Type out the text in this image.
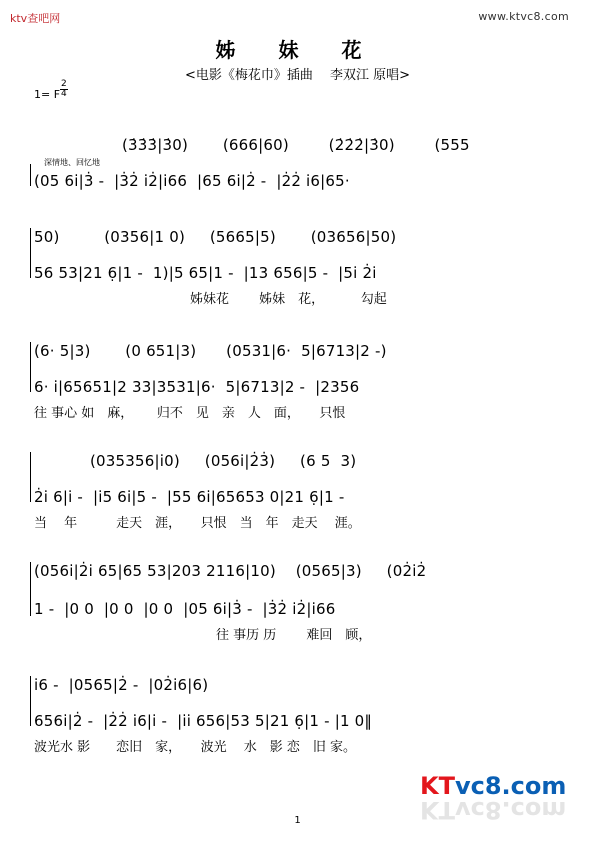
ktv查吧网	www.ktvc8.com
姊 妹 花
<电影《梅花巾》插曲　 李双江 原唱>
1= F
2
4
深情地、回忆地
(3̇3̇3̇|3̇0)       (666|60)        (2̇2̇2̇|3̇0)        (555
(05 6i̇|3̇ -  |3̇2̇ i̇2̇|i̇66  |65 6i̇|2̇ -  |2̇2̇ i̇6|65·
50)         (0356|1 0)     (5665|5)       (03656|50)
56 53|21 6̣|1 -  1)|5 65|1 -  |13 656|5 -  |5i̇ 2̇i̇
　　　　　　　　　　　　姊妹花　　 姊妹　花，　 　　勾起
(6· 5|3)       (0 651|3)      (0531|6·  5|6713|2 -)
6· i̇|65651|2 33|3531|6·  5|6713|2 -  |2356
往 事心 如　麻，　　 归不　见　亲　人　面，　　只恨
(035356|i̇0)     (056i̇|2̇3̇)     (6 5  3)
2̇i̇ 6|i̇ -  |i̇5 6i̇|5 -  |55 6i̇|65653 0|21 6̣|1 -
当　 年　　　走天　涯，　　只恨　当　年　走天　 涯。
(056i̇|2̇i̇ 65|65 53|203 2116|10)    (0565|3)     (02̇i̇2̇
1 -  |0 0  |0 0  |0 0  |05 6i̇|3̇ -  |3̇2̇ i̇2̇|i̇66
　　　　　　　　　　　　　　往 事历 历　　 难回　顾，
i̇6 -  |0565|2̇ -  |02̇i̇6|6)
656i̇|2̇ -  |2̇2̇ i̇6|i̇ -  |i̇i̇ 656|53 5|21 6̣|1 - |1 0‖
波光水 影　　恋旧　家，　　波光　 水　影 恋　旧 家。
KTvc8.com
KTvc8.com
1
